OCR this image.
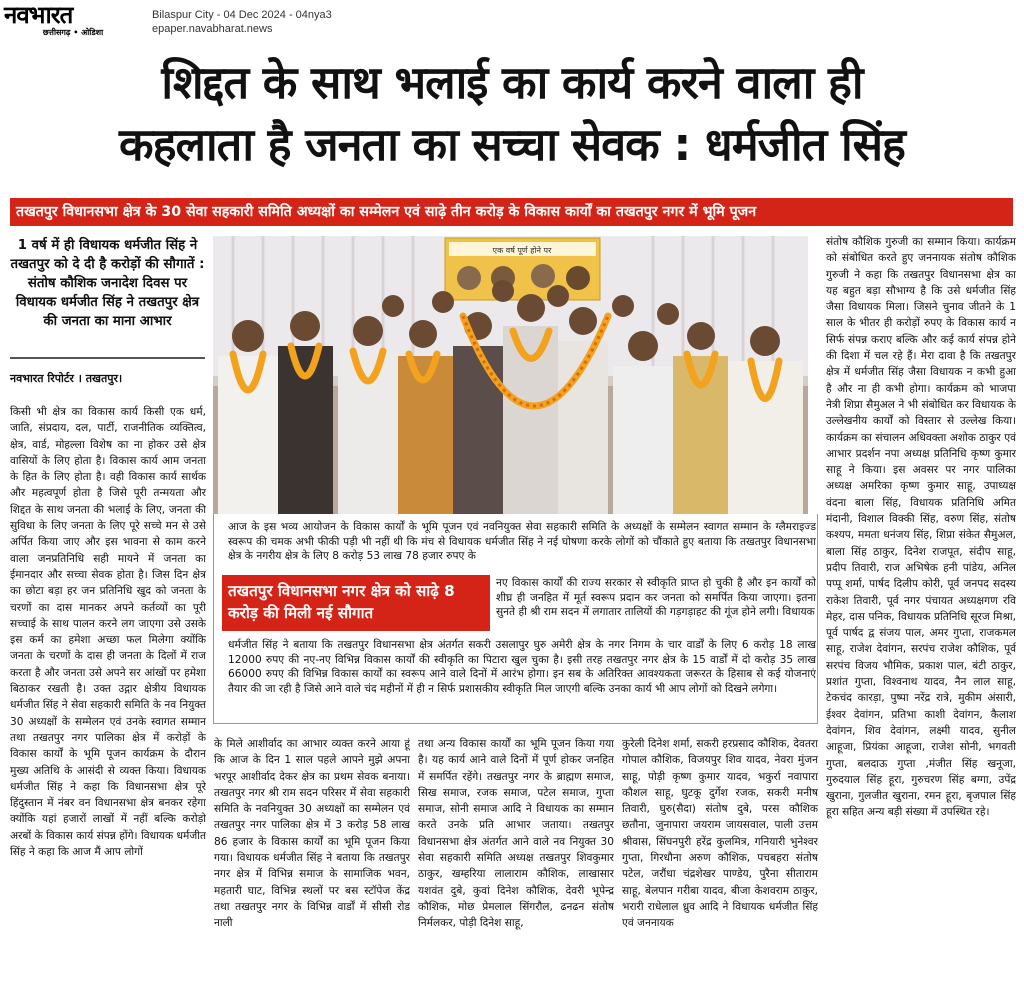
नवभारत
छत्तीसगढ़ • ओडिशा
Bilaspur City - 04 Dec 2024 - 04nya3
epaper.navabharat.news
शिद्दत के साथ भलाई का कार्य करने वाला ही
कहलाता है जनता का सच्चा सेवक : धर्मजीत सिंह
तखतपुर विधानसभा क्षेत्र के 30 सेवा सहकारी समिति अध्यक्षों का सम्मेलन एवं साढ़े तीन करोड़ के विकास कार्यों का तखतपुर नगर में भूमि पूजन
1 वर्ष में ही विधायक धर्मजीत सिंह ने तखतपुर को दे दी है करोड़ों की सौगातें : संतोष कौशिक जनादेश दिवस पर विधायक धर्मजीत सिंह ने तखतपुर क्षेत्र की जनता का माना आभार
नवभारत रिपोर्टर । तखतपुर।
किसी भी क्षेत्र का विकास कार्य किसी एक धर्म, जाति, संप्रदाय, दल, पार्टी, राजनीतिक व्यक्तित्व, क्षेत्र, वार्ड, मोहल्ला विशेष का ना होकर उसे क्षेत्र वासियों के लिए होता है। विकास कार्य आम जनता के हित के लिए होता है। वही विकास कार्य सार्थक और महत्वपूर्ण होता है जिसे पूरी तन्मयता और शिद्दत के साथ जनता की भलाई के लिए, जनता की सुविधा के लिए जनता के लिए पूरे सच्चे मन से उसे अर्पित किया जाए और इस भावना से काम करने वाला जनप्रतिनिधि सही मायने में जनता का ईमानदार और सच्चा सेवक होता है। जिस दिन क्षेत्र का छोटा बड़ा हर जन प्रतिनिधि खुद को जनता के चरणों का दास मानकर अपने कर्तव्यों का पूरी सच्चाई के साथ पालन करने लग जाएगा उसे उसके इस कर्म का हमेशा अच्छा फल मिलेगा क्योंकि जनता के चरणों के दास ही जनता के दिलों में राज करता है और जनता उसे अपने सर आंखों पर हमेशा बिठाकर रखती है। उक्त उद्गार क्षेत्रीय विधायक धर्मजीत सिंह ने सेवा सहकारी समिति के नव नियुक्त 30 अध्यक्षों के सम्मेलन एवं उनके स्वागत सम्मान तथा तखतपुर नगर पालिका क्षेत्र में करोड़ों के विकास कार्यों के भूमि पूजन कार्यक्रम के दौरान मुख्य अतिथि के आसंदी से व्यक्त किया। विधायक धर्मजीत सिंह ने कहा कि विधानसभा क्षेत्र पूरे हिंदुस्तान में नंबर वन विधानसभा क्षेत्र बनकर रहेगा क्योंकि यहां हजारों लाखों में नहीं बल्कि करोड़ो अरबों के विकास कार्य संपन्न होंगे। विधायक धर्मजीत सिंह ने कहा कि आज मैं आप लोगों
एक वर्ष पूर्ण होने पर
आज के इस भव्य आयोजन के विकास कार्यों के भूमि पूजन एवं नवनियुक्त सेवा सहकारी समिति के अध्यक्षों के सम्मेलन स्वागत सम्मान के ग्लैमराइज्ड स्वरूप की चमक अभी फीकी पड़ी भी नहीं थी कि मंच से विधायक धर्मजीत सिंह ने नई घोषणा करके लोगों को चौंकाते हुए बताया कि तखतपुर विधानसभा क्षेत्र के नगरीय क्षेत्र के लिए 8 करोड़ 53 लाख 78 हजार रुपए के
तखतपुर विधानसभा नगर क्षेत्र को साढ़े 8 करोड़ की मिली नई सौगात
नए विकास कार्यों की राज्य सरकार से स्वीकृति प्राप्त हो चुकी है और इन कार्यों को शीघ्र ही जनहित में मूर्त स्वरूप प्रदान कर जनता को समर्पित किया जाएगा। इतना सुनते ही श्री राम सदन में लगातार तालियों की गड़गड़ाहट की गूंज होने लगी। विधायक
धर्मजीत सिंह ने बताया कि तखतपुर विधानसभा क्षेत्र अंतर्गत सकरी उसलापुर घुरु अमेरी क्षेत्र के नगर निगम के चार वार्डों के लिए 6 करोड़ 18 लाख 12000 रुपए की नए-नए विभिन्न विकास कार्यों की स्वीकृति का पिटारा खुल चुका है। इसी तरह तखतपुर नगर क्षेत्र के 15 वार्डों में दो करोड़ 35 लाख 66000 रुपए की विभिन्न विकास कार्यों का स्वरूप आने वाले दिनों में आरंभ होगा। इन सब के अतिरिक्त आवश्यकता जरूरत के हिसाब से कई योजनाएं तैयार की जा रही है जिसे आने वाले चंद महीनों में ही न सिर्फ प्रशासकीय स्वीकृति मिल जाएगी बल्कि उनका कार्य भी आप लोगों को दिखने लगेगा।
के मिले आशीर्वाद का आभार व्यक्त करने आया हूं कि आज के दिन 1 साल पहले आपने मुझे अपना भरपूर आशीर्वाद देकर क्षेत्र का प्रथम सेवक बनाया। तखतपुर नगर श्री राम सदन परिसर में सेवा सहकारी समिति के नवनियुक्त 30 अध्यक्षों का सम्मेलन एवं तखतपुर नगर पालिका क्षेत्र में 3 करोड़ 58 लाख 86 हजार के विकास कार्यों का भूमि पूजन किया गया। विधायक धर्मजीत सिंह ने बताया कि तखतपुर नगर क्षेत्र में विभिन्न समाज के सामाजिक भवन, महतारी घाट, विभिन्न स्थलों पर बस स्टॉपेज केंद्र तथा तखतपुर नगर के विभिन्न वार्डों में सीसी रोड नाली
तथा अन्य विकास कार्यों का भूमि पूजन किया गया है। यह कार्य आने वाले दिनों में पूर्ण होकर जनहित में समर्पित रहेंगे। तखतपुर नगर के ब्राह्मण समाज, सिख समाज, रजक समाज, पटेल समाज, गुप्ता समाज, सोनी समाज आदि ने विधायक का सम्मान करते उनके प्रति आभार जताया। तखतपुर विधानसभा क्षेत्र अंतर्गत आने वाले नव नियुक्त 30 सेवा सहकारी समिति अध्यक्ष तखतपुर शिवकुमार ठाकुर, खम्हरिया लालाराम कौशिक, लाखासार यशवंत दुबे, कुवां दिनेश कौशिक, देवरी भूपेन्द्र कौशिक, मोछ प्रेमलाल सिंगरौल, ढनढन संतोष निर्मलकर, पोड़ी दिनेश साहू,
कुरेली दिनेश शर्मा, सकरी हरप्रसाद कौशिक, देवतरा गोपाल कौशिक, विजयपुर शिव यादव, नेवरा मुंजन साहू, पोड़ी कृष्ण कुमार यादव, भकुर्रा नवापारा कौशल साहू, घुटकू दुर्गेश रजक, सकरी मनीष तिवारी, घुरु(सैदा) संतोष दुबे, परस कौशिक छतौना, जुनापारा जयराम जायसवाल, पाली उत्तम श्रीवास, सिंघनपुरी हरेंद्र कुलमित्र, गनियारी भुनेश्वर गुप्ता, गिरधौना अरुण कौशिक, पचबहरा संतोष पटेल, जरौंधा चंद्रशेखर पाण्डेय, पुरैना सीताराम साहू, बेलपान गरीबा यादव, बीजा केशवराम ठाकुर, भरारी राधेलाल ध्रुव आदि ने विधायक धर्मजीत सिंह एवं जननायक
संतोष कौशिक गुरुजी का सम्मान किया। कार्यक्रम को संबोधित करते हुए जननायक संतोष कौशिक गुरुजी ने कहा कि तखतपुर विधानसभा क्षेत्र का यह बहुत बड़ा सौभाग्य है कि उसे धर्मजीत सिंह जैसा विधायक मिला। जिसने चुनाव जीतने के 1 साल के भीतर ही करोड़ों रुपए के विकास कार्य न सिर्फ संपन्न कराए बल्कि और कई कार्य संपन्न होने की दिशा में चल रहे हैं। मेरा दावा है कि तखतपुर क्षेत्र में धर्मजीत सिंह जैसा विधायक न कभी हुआ है और ना ही कभी होगा। कार्यक्रम को भाजपा नेत्री शिप्रा सैमुअल ने भी संबोधित कर विधायक के उल्लेखनीय कार्यों को विस्तार से उल्लेख किया। कार्यक्रम का संचालन अधिवक्ता अशोक ठाकुर एवं आभार प्रदर्शन नपा अध्यक्ष प्रतिनिधि कृष्ण कुमार साहू ने किया। इस अवसर पर नगर पालिका अध्यक्ष अमरिका कृष्ण कुमार साहू, उपाध्यक्ष वंदना बाला सिंह, विधायक प्रतिनिधि अमित मंदानी, विशाल विक्की सिंह, वरुण सिंह, संतोष कश्यप, ममता धनंजय सिंह, शिप्रा संकेत सैमुअल, बाला सिंह ठाकुर, दिनेश राजपूत, संदीप साहू, प्रदीप तिवारी, राज अभिषेक हनी पांडेय, अनिल पप्पू शर्मा, पार्षद दिलीप कोरी, पूर्व जनपद सदस्य राकेश तिवारी, पूर्व नगर पंचायत अध्यक्षगण रवि मेहर, दास पनिक, विधायक प्रतिनिधि सूरज मिश्रा, पूर्व पार्षद द्व संजय पाल, अमर गुप्ता, राजकमल साहू, राजेश देवांगन, सरपंच राजेश कौशिक, पूर्व सरपंच विजय भौमिक, प्रकाश पाल, बंटी ठाकुर, प्रशांत गुप्ता, विश्वनाथ यादव, नैन लाल साहू, टेकचंद कारड़ा, पुष्पा नरेंद्र रात्रे, मुकीम अंसारी, ईश्वर देवांगन, प्रतिभा काशी देवांगन, कैलाश देवांगन, शिव देवांगन, लक्ष्मी यादव, सुनील आहूजा, प्रियंका आहूजा, राजेश सोनी, भगवती गुप्ता, बलदाऊ गुप्ता ,मंजीत सिंह खनूजा, गुरुदयाल सिंह हूरा, गुरुचरण सिंह बग्गा, उपेंद्र खुराना, गुलजीत खुराना, रमन हूरा, बृजपाल सिंह हूरा सहित अन्य बड़ी संख्या में उपस्थित रहे।
